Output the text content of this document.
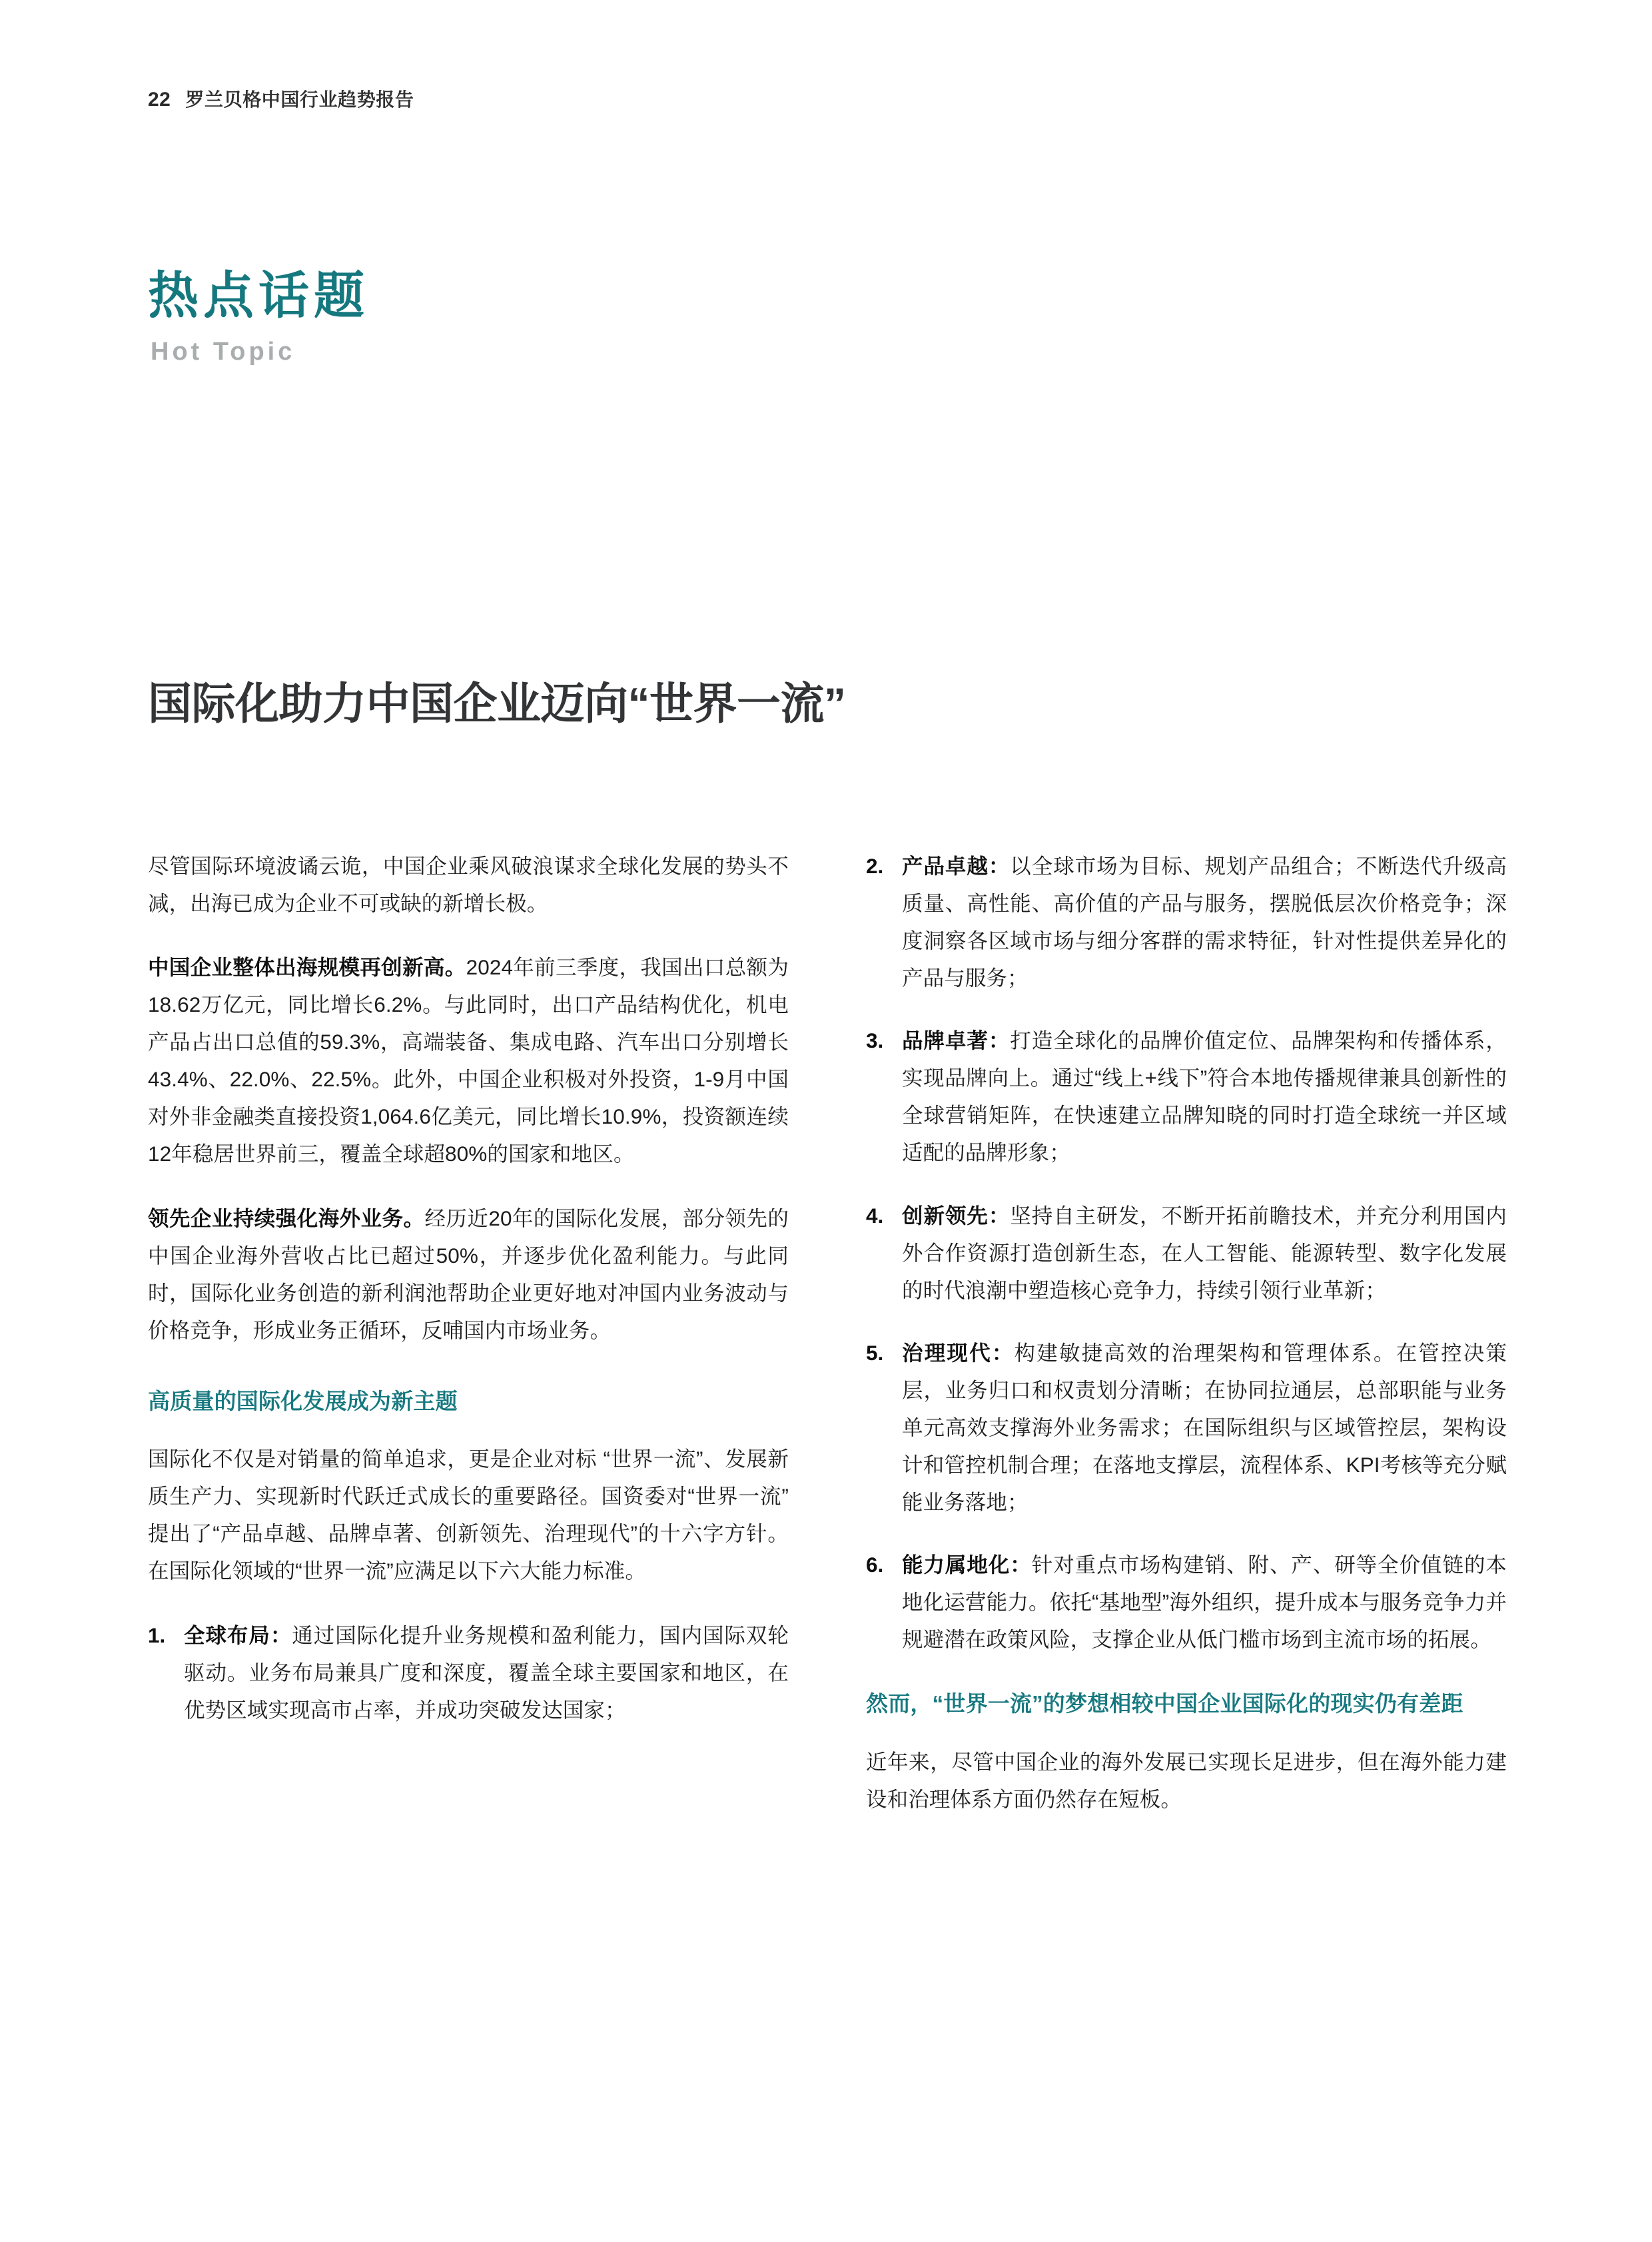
22 罗兰贝格中国行业趋势报告

热点话题

Hot Topic

国际化助力中国企业迈向“世界一流”

尽管国际环境波谲云诡，中国企业乘风破浪谋求全球化发展的势头不减，出海已成为企业不可或缺的新增长极。

中国企业整体出海规模再创新高。2024年前三季度，我国出口总额为18.62万亿元，同比增长6.2%。与此同时，出口产品结构优化，机电产品占出口总值的59.3%，高端装备、集成电路、汽车出口分别增长43.4%、22.0%、22.5%。此外，中国企业积极对外投资，1-9月中国对外非金融类直接投资1,064.6亿美元，同比增长10.9%，投资额连续12年稳居世界前三，覆盖全球超80%的国家和地区。

领先企业持续强化海外业务。经历近20年的国际化发展，部分领先的中国企业海外营收占比已超过50%，并逐步优化盈利能力。与此同时，国际化业务创造的新利润池帮助企业更好地对冲国内业务波动与价格竞争，形成业务正循环，反哺国内市场业务。

高质量的国际化发展成为新主题

国际化不仅是对销量的简单追求，更是企业对标 “世界一流”、发展新质生产力、实现新时代跃迁式成长的重要路径。国资委对“世界一流”提出了“产品卓越、品牌卓著、创新领先、治理现代”的十六字方针。在国际化领域的“世界一流”应满足以下六大能力标准。

1. 全球布局：通过国际化提升业务规模和盈利能力，国内国际双轮驱动。业务布局兼具广度和深度，覆盖全球主要国家和地区，在优势区域实现高市占率，并成功突破发达国家；

2. 产品卓越：以全球市场为目标、规划产品组合；不断迭代升级高质量、高性能、高价值的产品与服务，摆脱低层次价格竞争；深度洞察各区域市场与细分客群的需求特征，针对性提供差异化的产品与服务；

3. 品牌卓著：打造全球化的品牌价值定位、品牌架构和传播体系，实现品牌向上。通过“线上+线下”符合本地传播规律兼具创新性的全球营销矩阵，在快速建立品牌知晓的同时打造全球统一并区域适配的品牌形象；

4. 创新领先：坚持自主研发，不断开拓前瞻技术，并充分利用国内外合作资源打造创新生态，在人工智能、能源转型、数字化发展的时代浪潮中塑造核心竞争力，持续引领行业革新；

5. 治理现代：构建敏捷高效的治理架构和管理体系。在管控决策层，业务归口和权责划分清晰；在协同拉通层，总部职能与业务单元高效支撑海外业务需求；在国际组织与区域管控层，架构设计和管控机制合理；在落地支撑层，流程体系、KPI考核等充分赋能业务落地；

6. 能力属地化：针对重点市场构建销、附、产、研等全价值链的本地化运营能力。依托“基地型”海外组织，提升成本与服务竞争力并规避潜在政策风险，支撑企业从低门槛市场到主流市场的拓展。

然而，“世界一流”的梦想相较中国企业国际化的现实仍有差距

近年来，尽管中国企业的海外发展已实现长足进步，但在海外能力建设和治理体系方面仍然存在短板。
